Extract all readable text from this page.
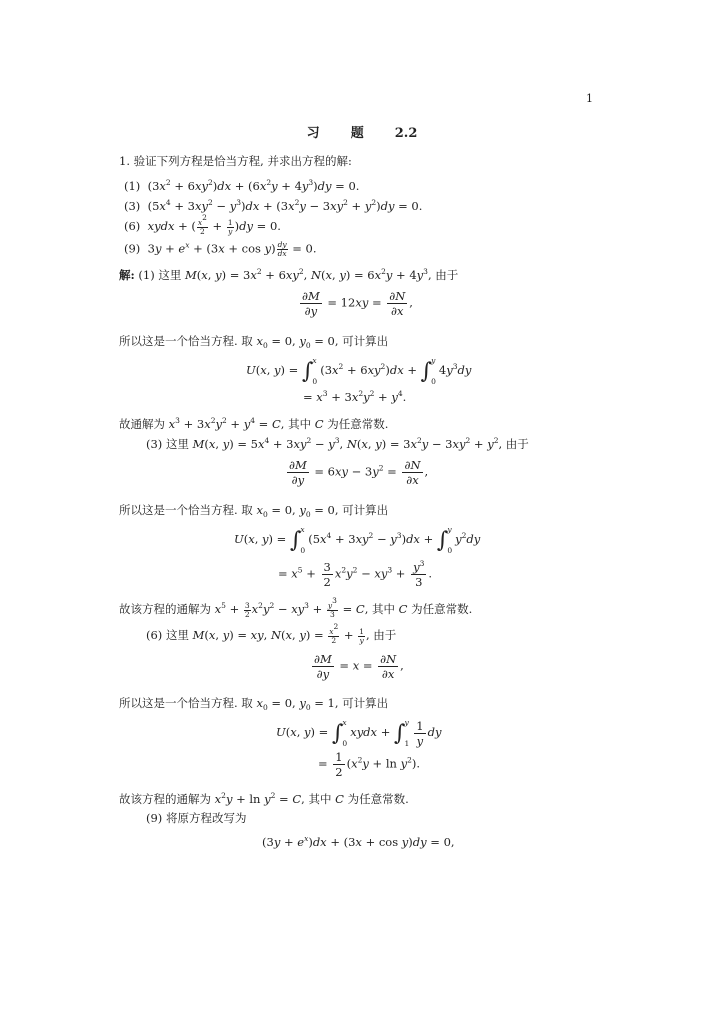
1
习 题 2.2
1. 验证下列方程是恰当方程, 并求出方程的解:
(1)  $(3x^2 + 6xy^2)dx + (6x^2y + 4y^3)dy = 0$.
(3)  $(5x^4 + 3xy^2 - y^3)dx + (3x^2y - 3xy^2 + y^2)dy = 0$.
(6) xydx + ( $\frac{x^2}{2} + \frac{1}{y} )dy = 0$.
(9)  $3y + e^x + (3x + \cos y) \frac{dy}{dx} = 0$.
解: (1) 这里 M(x, $y) = 3x^2 + 6xy^2$, N(x, $y) = 6x^2y + 4y^3$, 由于
$\frac{\partial M}{\partial y} = 12xy = \frac{\partial N}{\partial x}$ ,
所以这是一个恰当方程. 取 $x_0 = 0$, $y_0 = 0$, 可计算出
U(x, y) = ∫ x
0
$(3x^2 + 6xy^2)dx$ + ∫ y
0
$4y^3dy$
= $x^3 + 3x^2y^2 + y^4$.
故通解为 $x^3 + 3x^2y^2 + y^4 = C$, 其中 C 为任意常数.
(3) 这里 M(x, $y) = 5x^4 + 3xy^2 - y^3$, N(x, $y) = 3x^2y - 3xy^2 + y^2$, 由于
$\frac{\partial M}{\partial y} = 6xy - 3y^2 = \frac{\partial N}{\partial x}$ ,
所以这是一个恰当方程. 取 $x_0 = 0$, $y_0 = 0$, 可计算出
U(x, y) = ∫ x
0
$(5x^4 + 3xy^2 - y^3)dx$ + ∫ y
0
$y^2dy$
= $x^5 + \frac{3}{2} x^2y^2 - xy^3 + \frac{y^3}{3}$ .
故该方程的通解为 $x^5 + \frac{3}{2} x^2y^2 - xy^3 + \frac{y^3}{3} = C$, 其中 C 为任意常数.
(6) 这里 M(x, y) = xy, N(x, $y) = \frac{x^2}{2} + \frac{1}{y}$ , 由于
$\frac{\partial M}{\partial y} = x = \frac{\partial N}{\partial x}$ ,
所以这是一个恰当方程. 取 $x_0 = 0$, $y_0 = 1$, 可计算出
U(x, y) = ∫ x
0
xydx + ∫ y
$1 \frac{1}{y}$ dy
= $\frac{1}{2} (x^2y + \ln y^2)$.
故该方程的通解为 $x^2y + \ln y^2 = C$, 其中 C 为任意常数.
(9) 将原方程改写为
$(3y + e^x)dx + (3x + \cos y)dy = 0$,
